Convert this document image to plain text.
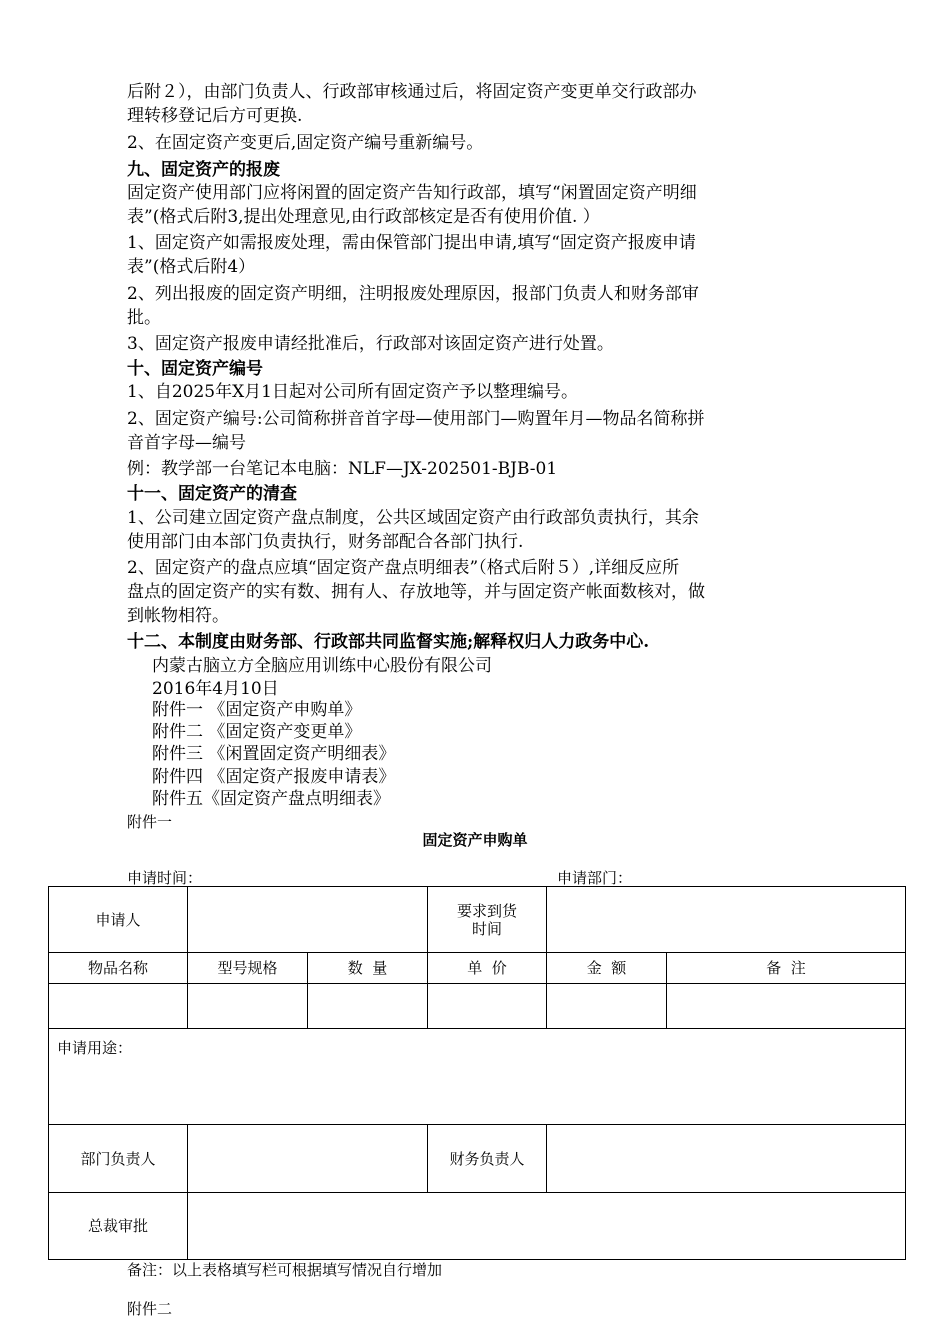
后附２），由部门负责人、行政部审核通过后，将固定资产变更单交行政部办

理转移登记后方可更换.

2、在固定资产变更后,固定资产编号重新编号。

九、固定资产的报废

固定资产使用部门应将闲置的固定资产告知行政部，填写“闲置固定资产明细

表”(格式后附3,提出处理意见,由行政部核定是否有使用价值. ）

1、固定资产如需报废处理，需由保管部门提出申请,填写“固定资产报废申请

表”(格式后附4）

2、列出报废的固定资产明细，注明报废处理原因，报部门负责人和财务部审

批。

3、固定资产报废申请经批准后，行政部对该固定资产进行处置。

十、固定资产编号

1、自2025年X月1日起对公司所有固定资产予以整理编号。

2、固定资产编号:公司简称拼音首字母—使用部门—购置年月—物品名简称拼

音首字母—编号

例：教学部一台笔记本电脑：NLF—JX-202501-BJB-01

十一、固定资产的清查

1、公司建立固定资产盘点制度，公共区域固定资产由行政部负责执行，其余

使用部门由本部门负责执行，财务部配合各部门执行.

2、固定资产的盘点应填“固定资产盘点明细表”（格式后附５）,详细反应所

盘点的固定资产的实有数、拥有人、存放地等，并与固定资产帐面数核对，做

到帐物相符。

十二、本制度由财务部、行政部共同监督实施;解释权归人力政务中心.

内蒙古脑立方全脑应用训练中心股份有限公司

2016年4月10日

附件一 《固定资产申购单》

附件二 《固定资产变更单》

附件三 《闲置固定资产明细表》

附件四 《固定资产报废申请表》

附件五《固定资产盘点明细表》

附件一

固定资产申购单

申请时间：	申请部门：
申请人			要求到货时间		

物品名称	型号规格	数  量	单  价	金  额	备  注

申请用途：					
部门负责人			财务负责人		
总裁审批					
备注：以上表格填写栏可根据填写情况自行增加
附件二
